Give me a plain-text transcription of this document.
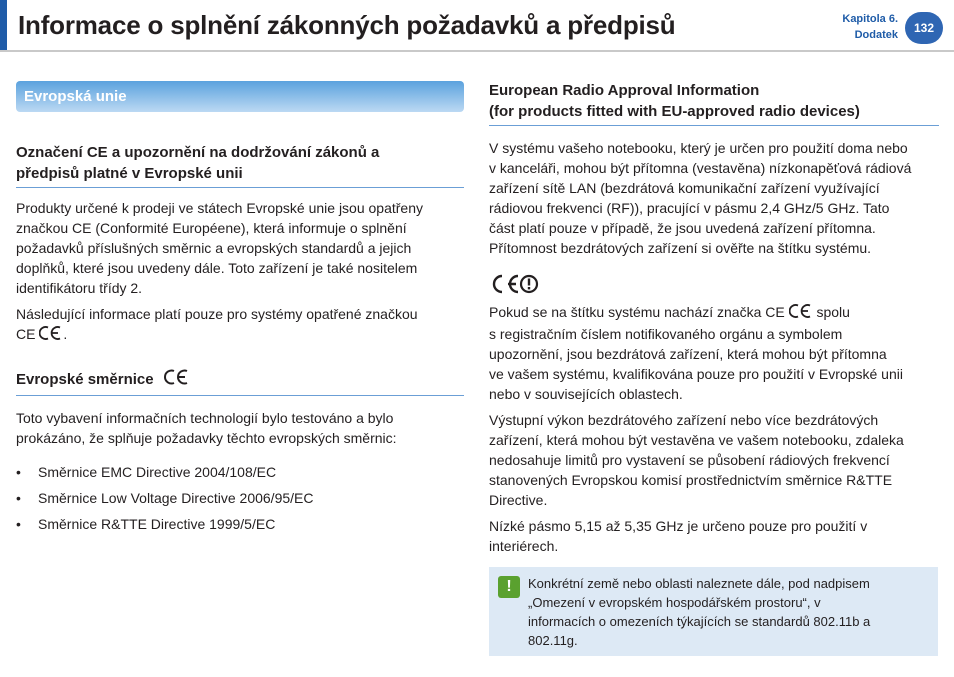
Informace o splnění zákonných požadavků a předpisů	Kapitola 6.
Dodatek	132
Evropská unie
Označení CE a upozornění na dodržování zákonů a
předpisů platné v Evropské unii

Produkty určené k prodeji ve státech Evropské unie jsou opatřeny

značkou CE (Conformité Européene), která informuje o splnění

požadavků příslušných směrnic a evropských standardů a jejich

doplňků, které jsou uvedeny dále. Toto zařízení je také nositelem

identifikátoru třídy 2.

Následující informace platí pouze pro systémy opatřené značkou

CE .

Evropské směrnice

Toto vybavení informačních technologií bylo testováno a bylo

prokázáno, že splňuje požadavky těchto evropských směrnic:

• Směrnice EMC Directive 2004/108/EC
• Směrnice Low Voltage Directive 2006/95/EC
• Směrnice R&TTE Directive 1999/5/EC
European Radio Approval Information
(for products fitted with EU-approved radio devices)

V systému vašeho notebooku, který je určen pro použití doma nebo

v kanceláři, mohou být přítomna (vestavěna) nízkonapěťová rádiová

zařízení sítě LAN (bezdrátová komunikační zařízení využívající

rádiovou frekvenci (RF)), pracující v pásmu 2,4 GHz/5 GHz. Tato

část platí pouze v případě, že jsou uvedená zařízení přítomna.

Přítomnost bezdrátových zařízení si ověřte na štítku systému.

Pokud se na štítku systému nachází značka CE spolu

s registračním číslem notifikovaného orgánu a symbolem

upozornění, jsou bezdrátová zařízení, která mohou být přítomna

ve vašem systému, kvalifikována pouze pro použití v Evropské unii

nebo v souvisejících oblastech.

Výstupní výkon bezdrátového zařízení nebo více bezdrátových

zařízení, která mohou být vestavěna ve vašem notebooku, zdaleka

nedosahuje limitů pro vystavení se působení rádiových frekvencí

stanovených Evropskou komisí prostřednictvím směrnice R&TTE

Directive.

Nízké pásmo 5,15 až 5,35 GHz je určeno pouze pro použití v

interiérech.

!	Konkrétní země nebo oblasti naleznete dále, pod nadpisem
„Omezení v evropském hospodářském prostoru“, v
informacích o omezeních týkajících se standardů 802.11b a
802.11g.
